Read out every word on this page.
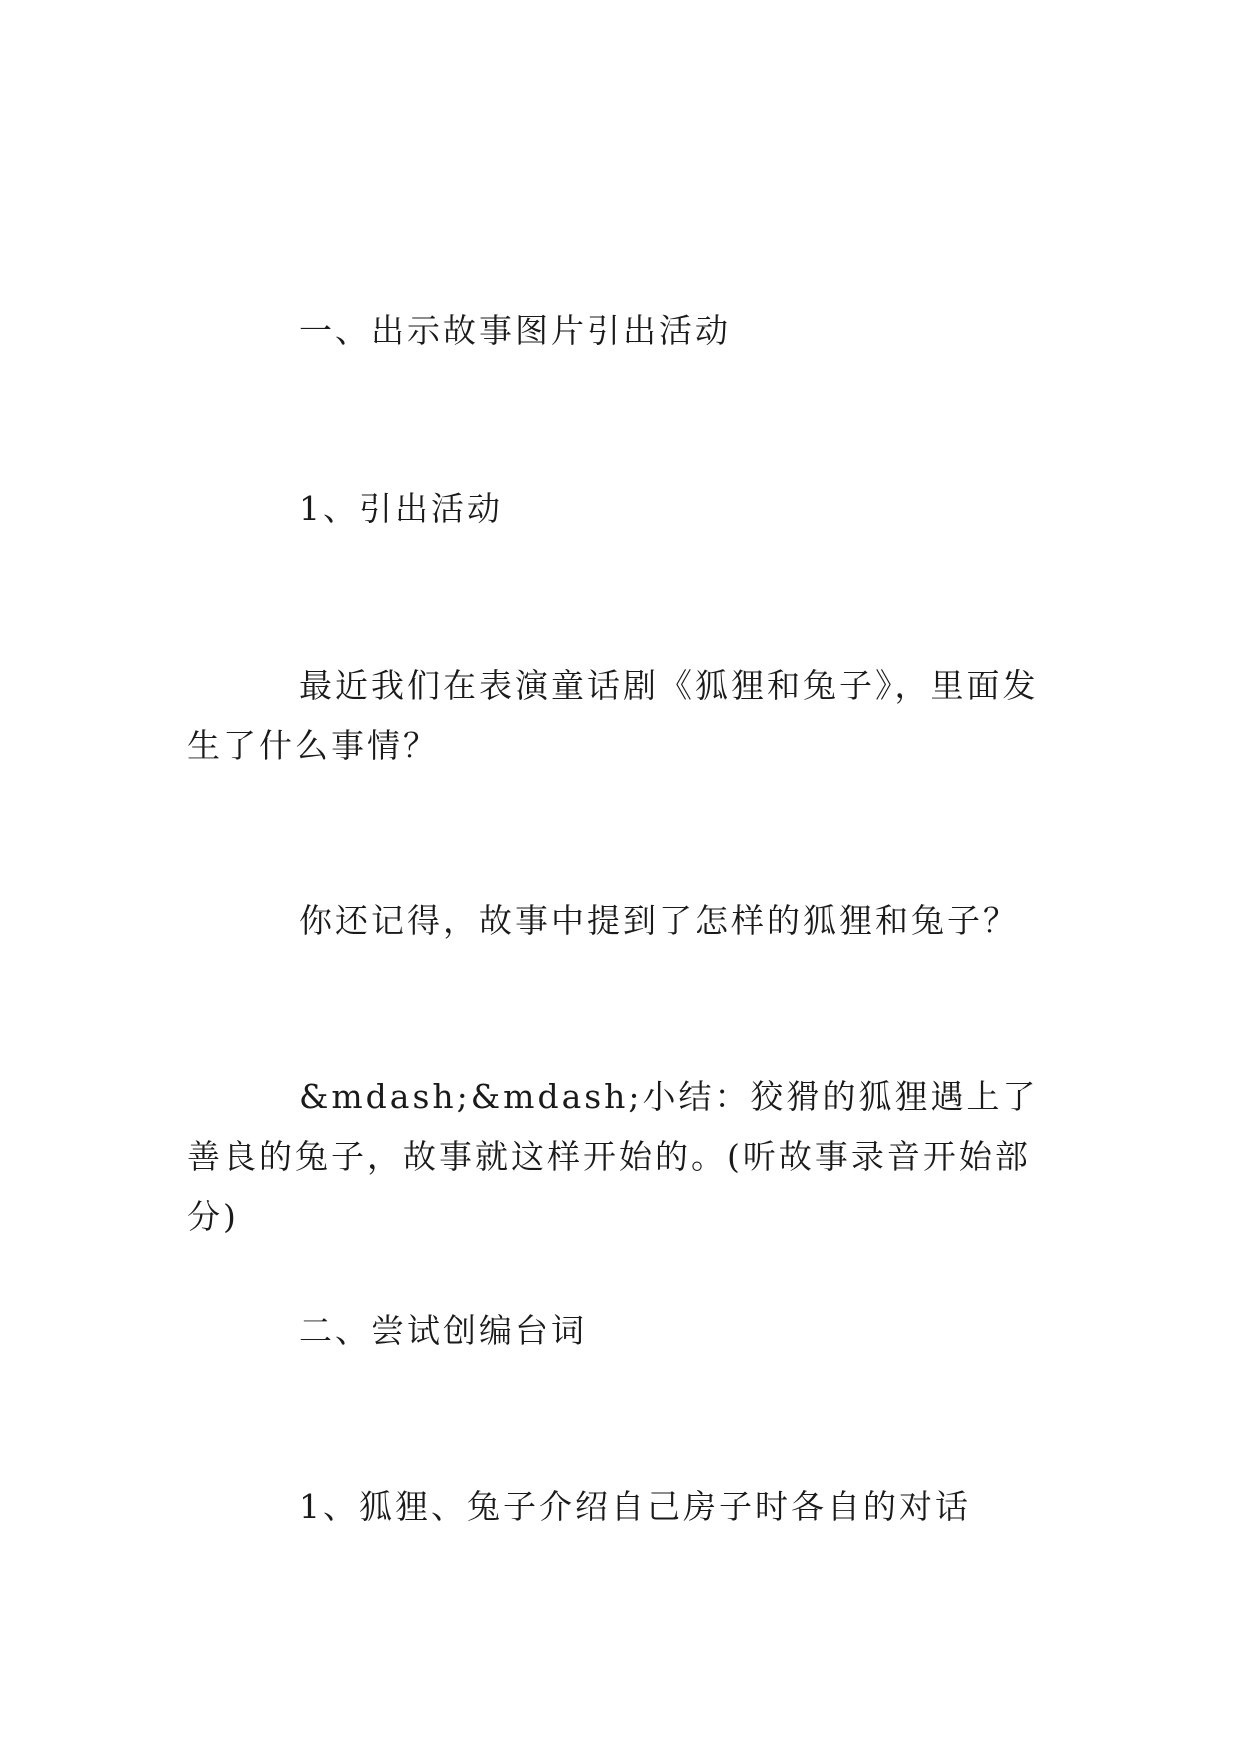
一、出示故事图片引出活动

1、引出活动

最近我们在表演童话剧《狐狸和兔子》，里面发生了什么事情？

你还记得，故事中提到了怎样的狐狸和兔子？

&mdash;&mdash;小结：狡猾的狐狸遇上了善良的兔子，故事就这样开始的。(听故事录音开始部分)

二、尝试创编台词

1、狐狸、兔子介绍自己房子时各自的对话
